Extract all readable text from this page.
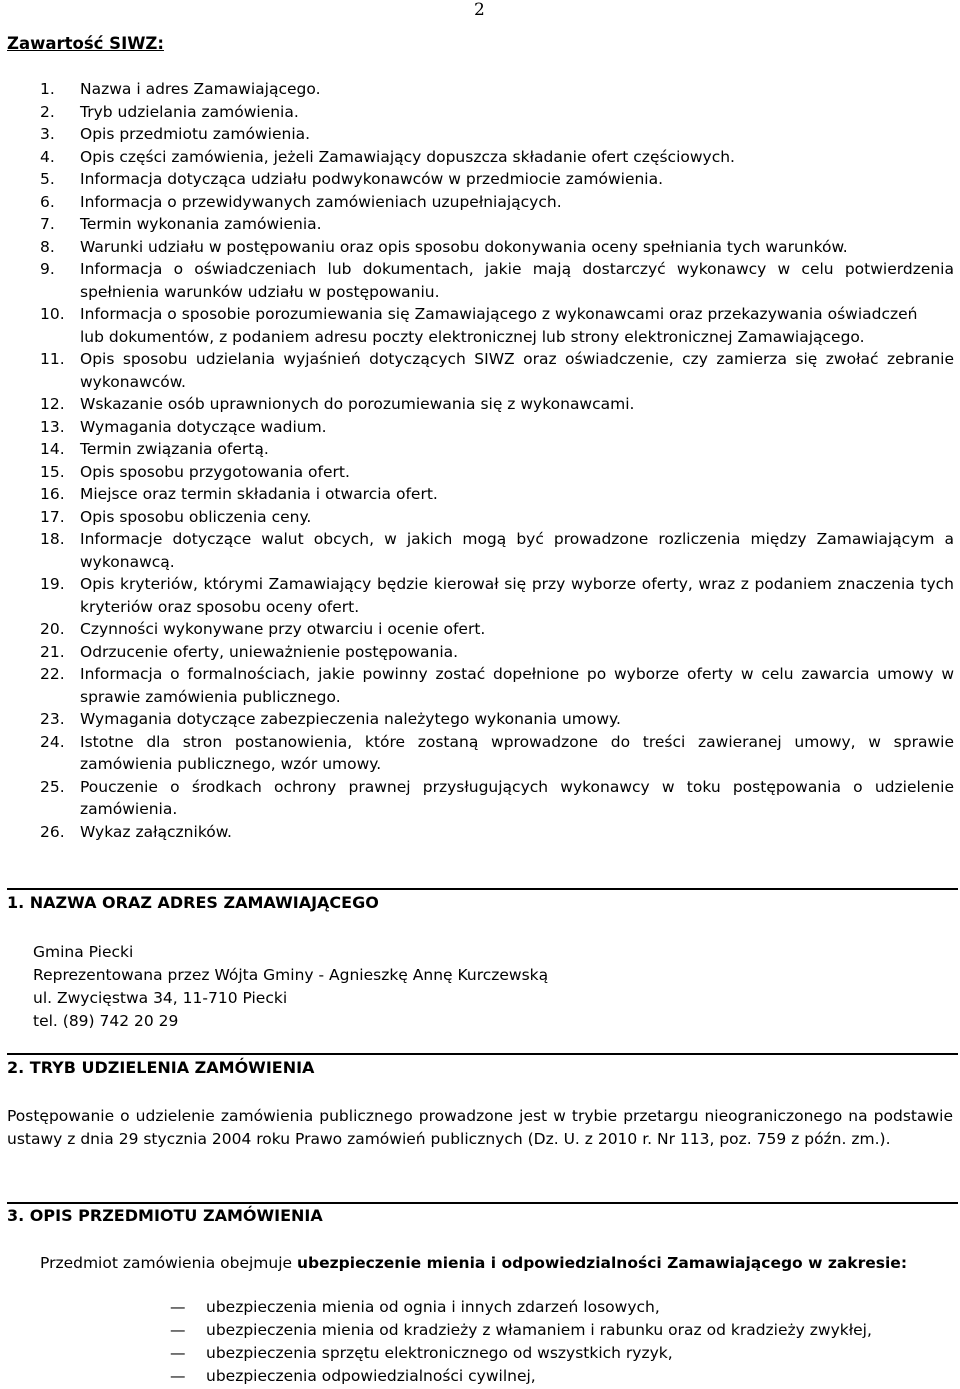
2
Zawartość SIWZ:
1.	Nazwa i adres Zamawiającego.
2.	Tryb udzielania zamówienia.
3.	Opis przedmiotu zamówienia.
4.	Opis części zamówienia, jeżeli Zamawiający dopuszcza składanie ofert częściowych.
5.	Informacja dotycząca udziału podwykonawców w przedmiocie zamówienia.
6.	Informacja o przewidywanych zamówieniach uzupełniających.
7.	Termin wykonania zamówienia.
8.	Warunki udziału w postępowaniu oraz opis sposobu dokonywania oceny spełniania tych warunków.
9.	Informacja o oświadczeniach lub dokumentach, jakie mają dostarczyć wykonawcy w celu potwierdzenia spełnienia warunków udziału w postępowaniu.
10. Informacja o sposobie porozumiewania się Zamawiającego z wykonawcami oraz przekazywania oświadczeń
lub dokumentów, z podaniem adresu poczty elektronicznej lub strony elektronicznej Zamawiającego.
11. Opis sposobu udzielania wyjaśnień dotyczących SIWZ oraz oświadczenie, czy zamierza się zwołać zebranie wykonawców.
12. Wskazanie osób uprawnionych do porozumiewania się z wykonawcami.
13. Wymagania dotyczące wadium.
14. Termin związania ofertą.
15. Opis sposobu przygotowania ofert.
16. Miejsce oraz termin składania i otwarcia ofert.
17. Opis sposobu obliczenia ceny.
18. Informacje dotyczące walut obcych, w jakich mogą być prowadzone rozliczenia między Zamawiającym a wykonawcą.
19. Opis kryteriów, którymi Zamawiający będzie kierował się przy wyborze oferty, wraz z podaniem znaczenia tych kryteriów oraz sposobu oceny ofert.
20. Czynności wykonywane przy otwarciu i ocenie ofert.
21. Odrzucenie oferty, unieważnienie postępowania.
22. Informacja o formalnościach, jakie powinny zostać dopełnione po wyborze oferty w celu zawarcia umowy w sprawie zamówienia publicznego.
23. Wymagania dotyczące zabezpieczenia należytego wykonania umowy.
24. Istotne dla stron postanowienia, które zostaną wprowadzone do treści zawieranej umowy, w sprawie zamówienia publicznego, wzór umowy.
25. Pouczenie o środkach ochrony prawnej przysługujących wykonawcy w toku postępowania o udzielenie zamówienia.
26. Wykaz załączników.
1. NAZWA ORAZ ADRES ZAMAWIAJĄCEGO
Gmina Piecki
Reprezentowana przez Wójta Gminy - Agnieszkę Annę Kurczewską
ul. Zwycięstwa 34, 11-710 Piecki
tel. (89) 742 20 29
2. TRYB UDZIELENIA ZAMÓWIENIA
Postępowanie o udzielenie zamówienia publicznego prowadzone jest w trybie przetargu nieograniczonego na podstawie ustawy z dnia 29 stycznia 2004 roku Prawo zamówień publicznych (Dz. U. z 2010 r. Nr 113, poz. 759 z późn. zm.).
3. OPIS PRZEDMIOTU ZAMÓWIENIA
Przedmiot zamówienia obejmuje ubezpieczenie mienia i odpowiedzialności Zamawiającego w zakresie:
—	ubezpieczenia mienia od ognia i innych zdarzeń losowych,
—	ubezpieczenia mienia od kradzieży z włamaniem i rabunku oraz od kradzieży zwykłej,
—	ubezpieczenia sprzętu elektronicznego od wszystkich ryzyk,
—	ubezpieczenia odpowiedzialności cywilnej,
